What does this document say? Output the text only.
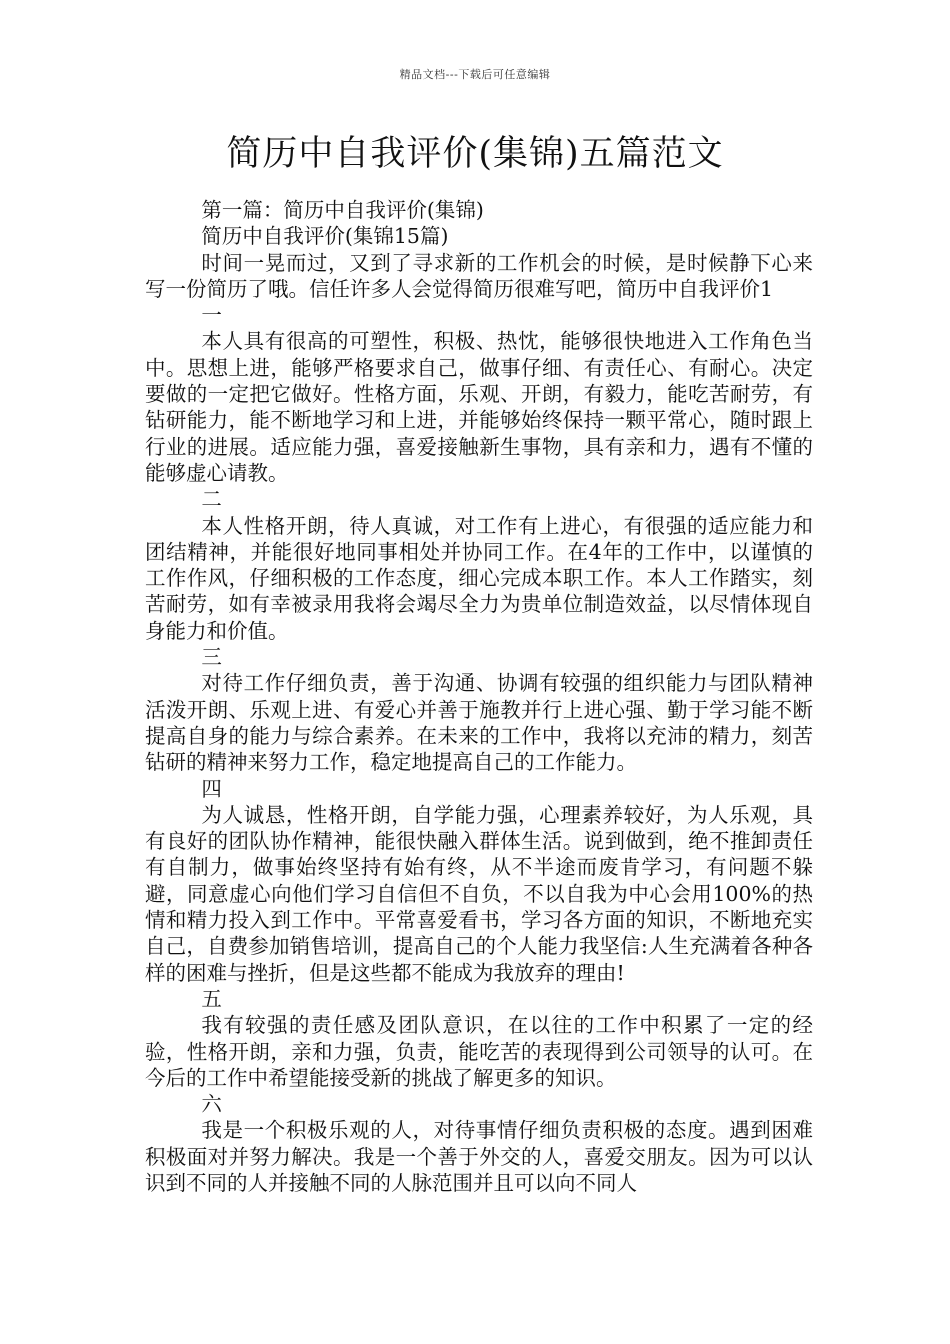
精品文档---下载后可任意编辑
简历中自我评价(集锦)五篇范文

第一篇：简历中自我评价(集锦)

简历中自我评价(集锦15篇)

时间一晃而过，又到了寻求新的工作机会的时候，是时候静下心来写一份简历了哦。信任许多人会觉得简历很难写吧，简历中自我评价1

一

本人具有很高的可塑性，积极、热忱，能够很快地进入工作角色当中。思想上进，能够严格要求自己，做事仔细、有责任心、有耐心。决定要做的一定把它做好。性格方面，乐观、开朗，有毅力，能吃苦耐劳，有钻研能力，能不断地学习和上进，并能够始终保持一颗平常心，随时跟上行业的进展。适应能力强，喜爱接触新生事物，具有亲和力，遇有不懂的能够虚心请教。

二

本人性格开朗，待人真诚，对工作有上进心，有很强的适应能力和团结精神，并能很好地同事相处并协同工作。在4年的工作中，以谨慎的工作作风，仔细积极的工作态度，细心完成本职工作。本人工作踏实，刻苦耐劳，如有幸被录用我将会竭尽全力为贵单位制造效益，以尽情体现自身能力和价值。

三

对待工作仔细负责，善于沟通、协调有较强的组织能力与团队精神活泼开朗、乐观上进、有爱心并善于施教并行上进心强、勤于学习能不断提高自身的能力与综合素养。在未来的工作中，我将以充沛的精力，刻苦钻研的精神来努力工作，稳定地提高自己的工作能力。

四

为人诚恳，性格开朗，自学能力强，心理素养较好，为人乐观，具有良好的团队协作精神，能很快融入群体生活。说到做到，绝不推卸责任有自制力，做事始终坚持有始有终，从不半途而废肯学习，有问题不躲避，同意虚心向他们学习自信但不自负，不以自我为中心会用100%的热情和精力投入到工作中。平常喜爱看书，学习各方面的知识，不断地充实自己，自费参加销售培训，提高自己的个人能力我坚信:人生充满着各种各样的困难与挫折，但是这些都不能成为我放弃的理由!

五

我有较强的责任感及团队意识，在以往的工作中积累了一定的经验，性格开朗，亲和力强，负责，能吃苦的表现得到公司领导的认可。在今后的工作中希望能接受新的挑战了解更多的知识。

六

我是一个积极乐观的人，对待事情仔细负责积极的态度。遇到困难积极面对并努力解决。我是一个善于外交的人，喜爱交朋友。因为可以认识到不同的人并接触不同的人脉范围并且可以向不同人
